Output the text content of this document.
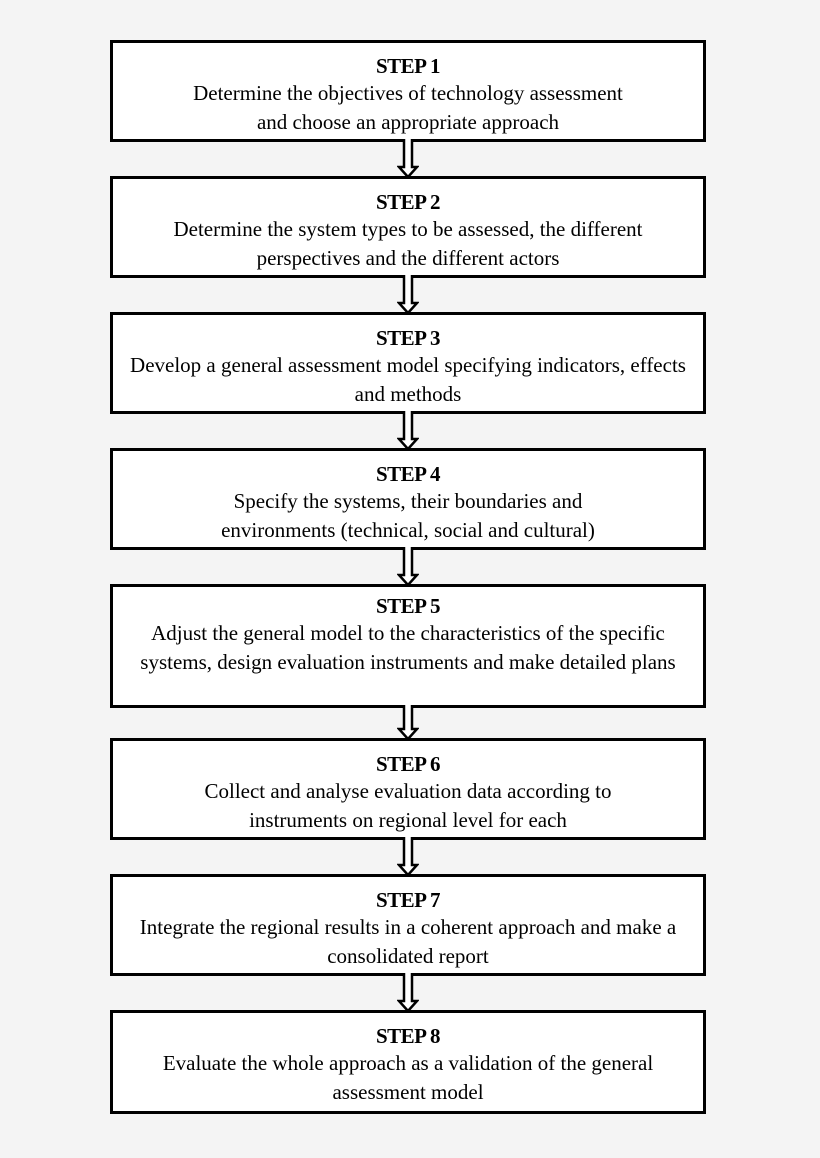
STEP 1
Determine the objectives of technology assessment and choose an appropriate approach
STEP 2
Determine the system types to be assessed, the different perspectives and the different actors
STEP 3
Develop a general assessment model specifying indicators, effects and methods
STEP 4
Specify the systems, their boundaries and environments (technical, social and cultural)
STEP 5
Adjust the general model to the characteristics of the specific systems, design evaluation instruments and make detailed plans
STEP 6
Collect and analyse evaluation data according to instruments on regional level for each
STEP 7
Integrate the regional results in a coherent approach and make a consolidated report
STEP 8
Evaluate the whole approach as a validation of the general assessment model
